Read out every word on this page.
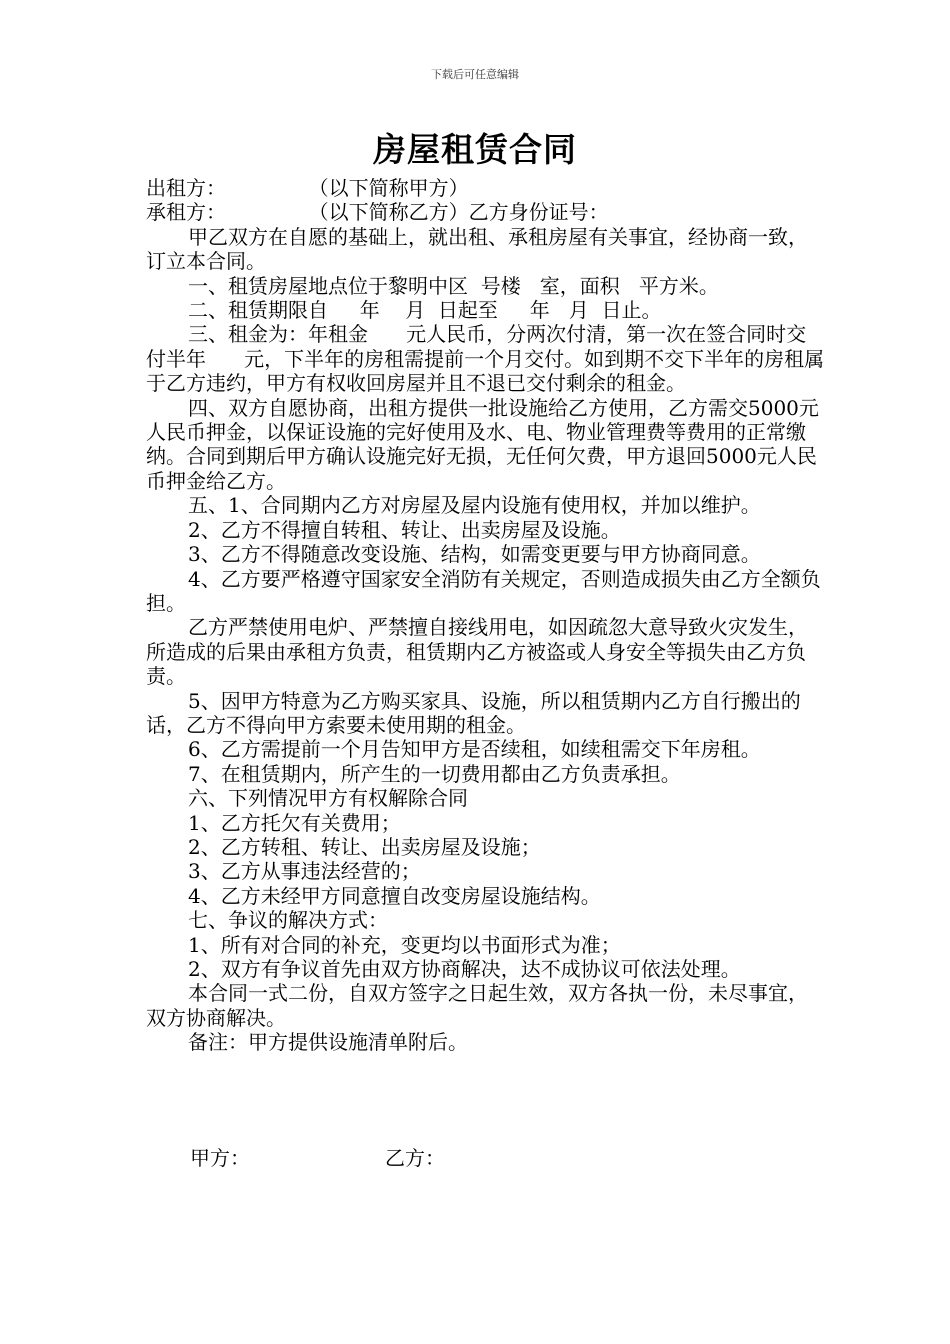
下载后可任意编辑
房屋租赁合同

出租方：             （以下简称甲方）

承租方：             （以下简称乙方）乙方身份证号：

甲乙双方在自愿的基础上，就出租、承租房屋有关事宜，经协商一致，订立本合同。

一、租赁房屋地点位于黎明中区  号楼   室，面积   平方米。

二、租赁期限自     年    月  日起至     年   月  日止。

三、租金为：年租金      元人民币，分两次付清，第一次在签合同时交付半年      元，下半年的房租需提前一个月交付。如到期不交下半年的房租属于乙方违约，甲方有权收回房屋并且不退已交付剩余的租金。

四、双方自愿协商，出租方提供一批设施给乙方使用，乙方需交5000元人民币押金，以保证设施的完好使用及水、电、物业管理费等费用的正常缴纳。合同到期后甲方确认设施完好无损，无任何欠费，甲方退回5000元人民币押金给乙方。

五、1、合同期内乙方对房屋及屋内设施有使用权，并加以维护。

2、乙方不得擅自转租、转让、出卖房屋及设施。

3、乙方不得随意改变设施、结构，如需变更要与甲方协商同意。

4、乙方要严格遵守国家安全消防有关规定，否则造成损失由乙方全额负担。

乙方严禁使用电炉、严禁擅自接线用电，如因疏忽大意导致火灾发生，所造成的后果由承租方负责，租赁期内乙方被盗或人身安全等损失由乙方负责。

5、因甲方特意为乙方购买家具、设施，所以租赁期内乙方自行搬出的话，乙方不得向甲方索要未使用期的租金。

6、乙方需提前一个月告知甲方是否续租，如续租需交下年房租。

7、在租赁期内，所产生的一切费用都由乙方负责承担。

六、下列情况甲方有权解除合同

1、乙方托欠有关费用；

2、乙方转租、转让、出卖房屋及设施；

3、乙方从事违法经营的；

4、乙方未经甲方同意擅自改变房屋设施结构。

七、争议的解决方式：

1、所有对合同的补充，变更均以书面形式为准；

2、双方有争议首先由双方协商解决，达不成协议可依法处理。

本合同一式二份，自双方签字之日起生效，双方各执一份，未尽事宜，双方协商解决。

备注：甲方提供设施清单附后。

甲方：	乙方：
